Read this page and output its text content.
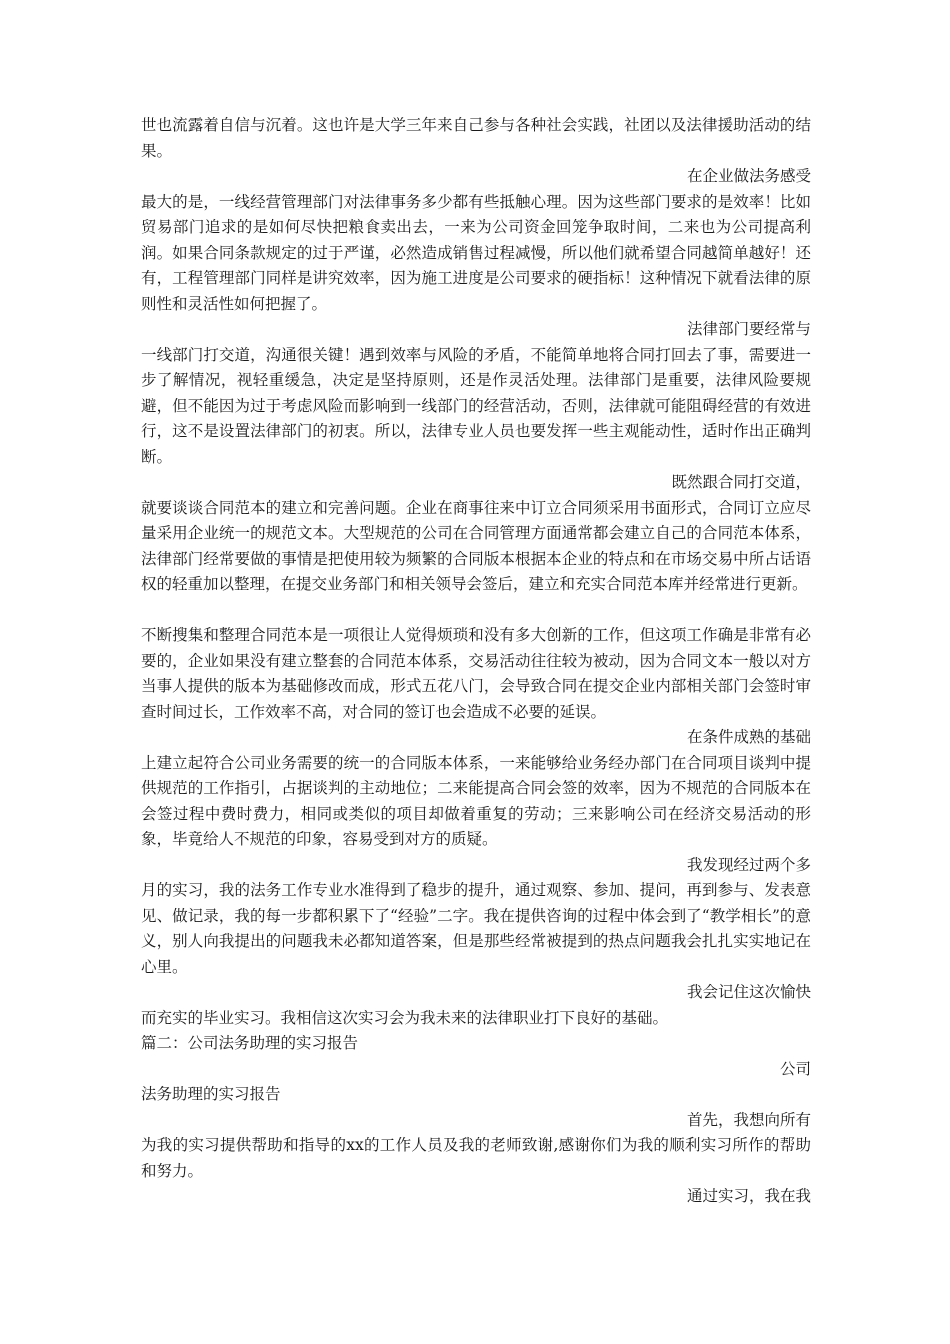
世也流露着自信与沉着。这也许是大学三年来自己参与各种社会实践，社团以及法律援助活动的结果。

在企业做法务感受

最大的是，一线经营管理部门对法律事务多少都有些抵触心理。因为这些部门要求的是效率！比如贸易部门追求的是如何尽快把粮食卖出去，一来为公司资金回笼争取时间，二来也为公司提高利润。如果合同条款规定的过于严谨，必然造成销售过程减慢，所以他们就希望合同越简单越好！还有，工程管理部门同样是讲究效率，因为施工进度是公司要求的硬指标！这种情况下就看法律的原则性和灵活性如何把握了。

法律部门要经常与

一线部门打交道，沟通很关键！遇到效率与风险的矛盾，不能简单地将合同打回去了事，需要进一步了解情况，视轻重缓急，决定是坚持原则，还是作灵活处理。法律部门是重要，法律风险要规避，但不能因为过于考虑风险而影响到一线部门的经营活动，否则，法律就可能阻碍经营的有效进行，这不是设置法律部门的初衷。所以，法律专业人员也要发挥一些主观能动性，适时作出正确判断。

既然跟合同打交道，

就要谈谈合同范本的建立和完善问题。企业在商事往来中订立合同须采用书面形式，合同订立应尽量采用企业统一的规范文本。大型规范的公司在合同管理方面通常都会建立自己的合同范本体系，法律部门经常要做的事情是把使用较为频繁的合同版本根据本企业的特点和在市场交易中所占话语权的轻重加以整理，在提交业务部门和相关领导会签后，建立和充实合同范本库并经常进行更新。

不断搜集和整理合同范本是一项很让人觉得烦琐和没有多大创新的工作，但这项工作确是非常有必要的，企业如果没有建立整套的合同范本体系，交易活动往往较为被动，因为合同文本一般以对方当事人提供的版本为基础修改而成，形式五花八门，会导致合同在提交企业内部相关部门会签时审查时间过长，工作效率不高，对合同的签订也会造成不必要的延误。

在条件成熟的基础

上建立起符合公司业务需要的统一的合同版本体系，一来能够给业务经办部门在合同项目谈判中提供规范的工作指引，占据谈判的主动地位；二来能提高合同会签的效率，因为不规范的合同版本在会签过程中费时费力，相同或类似的项目却做着重复的劳动；三来影响公司在经济交易活动的形象，毕竟给人不规范的印象，容易受到对方的质疑。

我发现经过两个多

月的实习，我的法务工作专业水准得到了稳步的提升，通过观察、参加、提问，再到参与、发表意见、做记录，我的每一步都积累下了“经验”二字。我在提供咨询的过程中体会到了“教学相长”的意义，别人向我提出的问题我未必都知道答案，但是那些经常被提到的热点问题我会扎扎实实地记在心里。

我会记住这次愉快

而充实的毕业实习。我相信这次实习会为我未来的法律职业打下良好的基础。

篇二：公司法务助理的实习报告

公司

法务助理的实习报告

首先，我想向所有

为我的实习提供帮助和指导的xx的工作人员及我的老师致谢,感谢你们为我的顺利实习所作的帮助和努力。

通过实习，我在我
